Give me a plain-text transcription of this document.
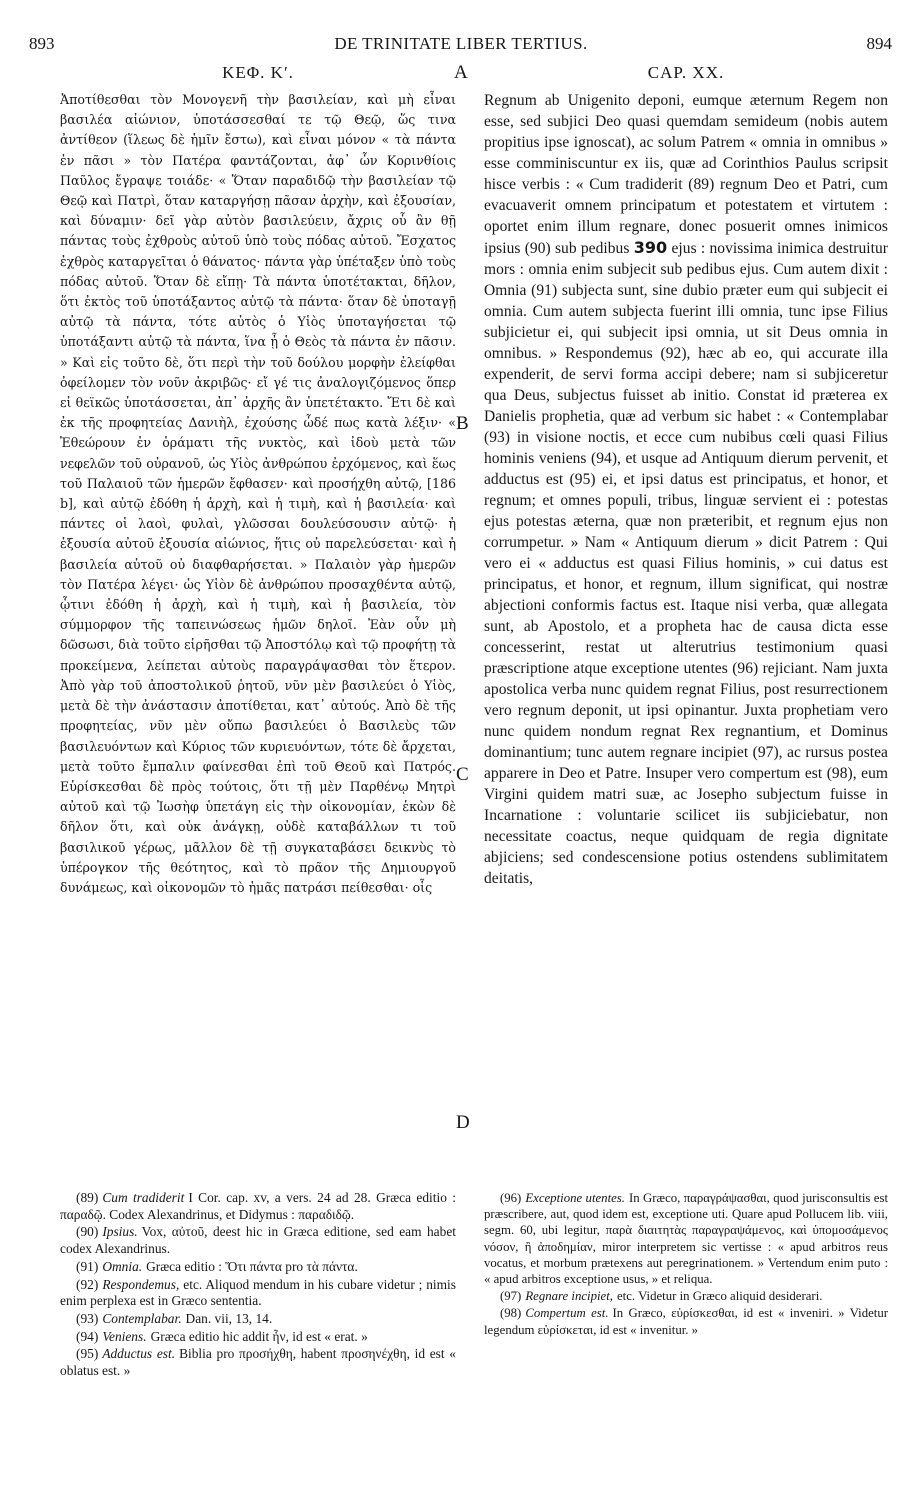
893	DE TRINITATE LIBER TERTIUS.	894
ΚΕΦ. Κʹ.
Ἀποτίθεσθαι τὸν Μονογενῆ τὴν βασιλείαν, καὶ μὴ εἶναι βασιλέα αἰώνιον, ὑποτάσσεσθαί τε τῷ Θεῷ, ὥς τινα ἀντίθεον (ἵλεως δὲ ἡμῖν ἔστω), καὶ εἶναι μόνον « τὰ πάντα ἐν πᾶσι » τὸν Πατέρα φαντάζονται, ἀφ᾽ ὧν Κορινθίοις Παῦλος ἔγραψε τοιάδε· « Ὅταν παραδιδῷ τὴν βασιλείαν τῷ Θεῷ καὶ Πατρὶ, ὅταν καταργήσῃ πᾶσαν ἀρχὴν, καὶ ἐξουσίαν, καὶ δύναμιν· δεῖ γὰρ αὐτὸν βασιλεύειν, ἄχρις οὗ ἂν θῇ πάντας τοὺς ἐχθροὺς αὐτοῦ ὑπὸ τοὺς πόδας αὐτοῦ. Ἔσχατος ἐχθρὸς καταργεῖται ὁ θάνατος· πάντα γὰρ ὑπέταξεν ὑπὸ τοὺς πόδας αὐτοῦ. Ὅταν δὲ εἴπῃ· Τὰ πάντα ὑποτέτακται, δῆλον, ὅτι ἐκτὸς τοῦ ὑποτάξαντος αὐτῷ τὰ πάντα· ὅταν δὲ ὑποταγῇ αὐτῷ τὰ πάντα, τότε αὐτὸς ὁ Υἱὸς ὑποταγήσεται τῷ ὑποτάξαντι αὐτῷ τὰ πάντα, ἵνα ᾖ ὁ Θεὸς τὰ πάντα ἐν πᾶσιν. » Καὶ εἰς τοῦτο δὲ, ὅτι περὶ τὴν τοῦ δούλου μορφὴν ἐλείφθαι ὀφείλομεν τὸν νοῦν ἀκριβῶς· εἴ γέ τις ἀναλογιζόμενος ὅπερ εἰ θεϊκῶς ὑποτάσσεται, ἀπ᾽ ἀρχῆς ἂν ὑπετέτακτο. Ἔτι δὲ καὶ ἐκ τῆς προφητείας Δανιὴλ, ἐχούσης ὧδέ πως κατὰ λέξιν· « Ἐθεώρουν ἐν ὁράματι τῆς νυκτὸς, καὶ ἰδοὺ μετὰ τῶν νεφελῶν τοῦ οὐρανοῦ, ὡς Υἱὸς ἀνθρώπου ἐρχόμενος, καὶ ἕως τοῦ Παλαιοῦ τῶν ἡμερῶν ἔφθασεν· καὶ προσήχθη αὐτῷ, [186 b], καὶ αὐτῷ ἐδόθη ἡ ἀρχὴ, καὶ ἡ τιμὴ, καὶ ἡ βασιλεία· καὶ πάντες οἱ λαοὶ, φυλαὶ, γλῶσσαι δουλεύσουσιν αὐτῷ· ἡ ἐξουσία αὐτοῦ ἐξουσία αἰώνιος, ἥτις οὐ παρελεύσεται· καὶ ἡ βασιλεία αὐτοῦ οὐ διαφθαρήσεται. » Παλαιὸν γὰρ ἡμερῶν τὸν Πατέρα λέγει· ὡς Υἱὸν δὲ ἀνθρώπου προσαχθέντα αὐτῷ, ᾧτινι ἐδόθη ἡ ἀρχὴ, καὶ ἡ τιμὴ, καὶ ἡ βασιλεία, τὸν σύμμορφον τῆς ταπεινώσεως ἡμῶν δηλοῖ. Ἐὰν οὖν μὴ δῶσωσι, διὰ τοῦτο εἰρῆσθαι τῷ Ἀποστόλῳ καὶ τῷ προφήτῃ τὰ προκείμενα, λείπεται αὐτοὺς παραγράψασθαι τὸν ἕτερον. Ἀπὸ γὰρ τοῦ ἀποστολικοῦ ῥητοῦ, νῦν μὲν βασιλεύει ὁ Υἱὸς, μετὰ δὲ τὴν ἀνάστασιν ἀποτίθεται, κατ᾽ αὐτούς. Ἀπὸ δὲ τῆς προφητείας, νῦν μὲν οὔπω βασιλεύει ὁ Βασιλεὺς τῶν βασιλευόντων καὶ Κύριος τῶν κυριευόντων, τότε δὲ ἄρχεται, μετὰ τοῦτο ἔμπαλιν φαίνεσθαι ἐπὶ τοῦ Θεοῦ καὶ Πατρός. Εὑρίσκεσθαι δὲ πρὸς τούτοις, ὅτι τῇ μὲν Παρθένῳ Μητρὶ αὐτοῦ καὶ τῷ Ἰωσὴφ ὑπετάγη εἰς τὴν οἰκονομίαν, ἑκὼν δὲ δῆλον ὅτι, καὶ οὐκ ἀνάγκῃ, οὐδὲ καταβάλλων τι τοῦ βασιλικοῦ γέρως, μᾶλλον δὲ τῇ συγκαταβάσει δεικνὺς τὸ ὑπέρογκον τῆς θεότητος, καὶ τὸ πρᾶον τῆς Δημιουργοῦ δυνάμεως, καὶ οἰκονομῶν τὸ ἡμᾶς πατράσι πείθεσθαι· οἷς
A
B
C
D
CAP. XX.
Regnum ab Unigenito deponi, eumque æternum Regem non esse, sed subjici Deo quasi quemdam semideum (nobis autem propitius ipse ignoscat), ac solum Patrem « omnia in omnibus » esse comminiscuntur ex iis, quæ ad Corinthios Paulus scripsit hisce verbis : « Cum tradiderit (89) regnum Deo et Patri, cum evacuaverit omnem principatum et potestatem et virtutem : oportet enim illum regnare, donec posuerit omnes inimicos ipsius (90) sub pedibus 390 ejus : novissima inimica destruitur mors : omnia enim subjecit sub pedibus ejus. Cum autem dixit : Omnia (91) subjecta sunt, sine dubio præter eum qui subjecit ei omnia. Cum autem subjecta fuerint illi omnia, tunc ipse Filius subjicietur ei, qui subjecit ipsi omnia, ut sit Deus omnia in omnibus. » Respondemus (92), hæc ab eo, qui accurate illa expenderit, de servi forma accipi debere; nam si subjiceretur qua Deus, subjectus fuisset ab initio. Constat id præterea ex Danielis prophetia, quæ ad verbum sic habet : « Contemplabar (93) in visione noctis, et ecce cum nubibus cœli quasi Filius hominis veniens (94), et usque ad Antiquum dierum pervenit, et adductus est (95) ei, et ipsi datus est principatus, et honor, et regnum; et omnes populi, tribus, linguæ servient ei : potestas ejus potestas æterna, quæ non præteribit, et regnum ejus non corrumpetur. » Nam « Antiquum dierum » dicit Patrem : Qui vero ei « adductus est quasi Filius hominis, » cui datus est principatus, et honor, et regnum, illum significat, qui nostræ abjectioni conformis factus est. Itaque nisi verba, quæ allegata sunt, ab Apostolo, et a propheta hac de causa dicta esse concesserint, restat ut alterutrius testimonium quasi præscriptione atque exceptione utentes (96) rejiciant. Nam juxta apostolica verba nunc quidem regnat Filius, post resurrectionem vero regnum deponit, ut ipsi opinantur. Juxta prophetiam vero nunc quidem nondum regnat Rex regnantium, et Dominus dominantium; tunc autem regnare incipiet (97), ac rursus postea apparere in Deo et Patre. Insuper vero compertum est (98), eum Virgini quidem matri suæ, ac Josepho subjectum fuisse in Incarnatione : voluntarie scilicet iis subjiciebatur, non necessitate coactus, neque quidquam de regia dignitate abjiciens; sed condescensione potius ostendens sublimitatem deitatis,
(89) Cum tradiderit I Cor. cap. xv, a vers. 24 ad 28. Græca editio : παραδῷ. Codex Alexandrinus, et Didymus : παραδιδῷ.
(90) Ipsius. Vox, αὐτοῦ, deest hic in Græca editione, sed eam habet codex Alexandrinus.
(91) Omnia. Græca editio : Ὅτι πάντα pro τὰ πάντα.
(92) Respondemus, etc. Aliquod mendum in his cubare videtur ; nimis enim perplexa est in Græco sententia.
(93) Contemplabar. Dan. vii, 13, 14.
(94) Veniens. Græca editio hic addit ἦν, id est « erat. »
(95) Adductus est. Biblia pro προσήχθη, habent προσηνέχθη, id est « oblatus est. »
(96) Exceptione utentes. In Græco, παραγράψασθαι, quod jurisconsultis est præscribere, aut, quod idem est, exceptione uti. Quare apud Pollucem lib. viii, segm. 60, ubi legitur, παρὰ διαιτητὰς παραγραψάμενος, καὶ ὑπομοσάμενος νόσον, ἢ ἀποδημίαν, miror interpretem sic vertisse : « apud arbitros reus vocatus, et morbum prætexens aut peregrinationem. » Vertendum enim puto : « apud arbitros exceptione usus, » et reliqua.
(97) Regnare incipiet, etc. Videtur in Græco aliquid desiderari.
(98) Compertum est. In Græco, εὑρίσκεσθαι, id est « inveniri. » Videtur legendum εὑρίσκεται, id est « invenitur. »
